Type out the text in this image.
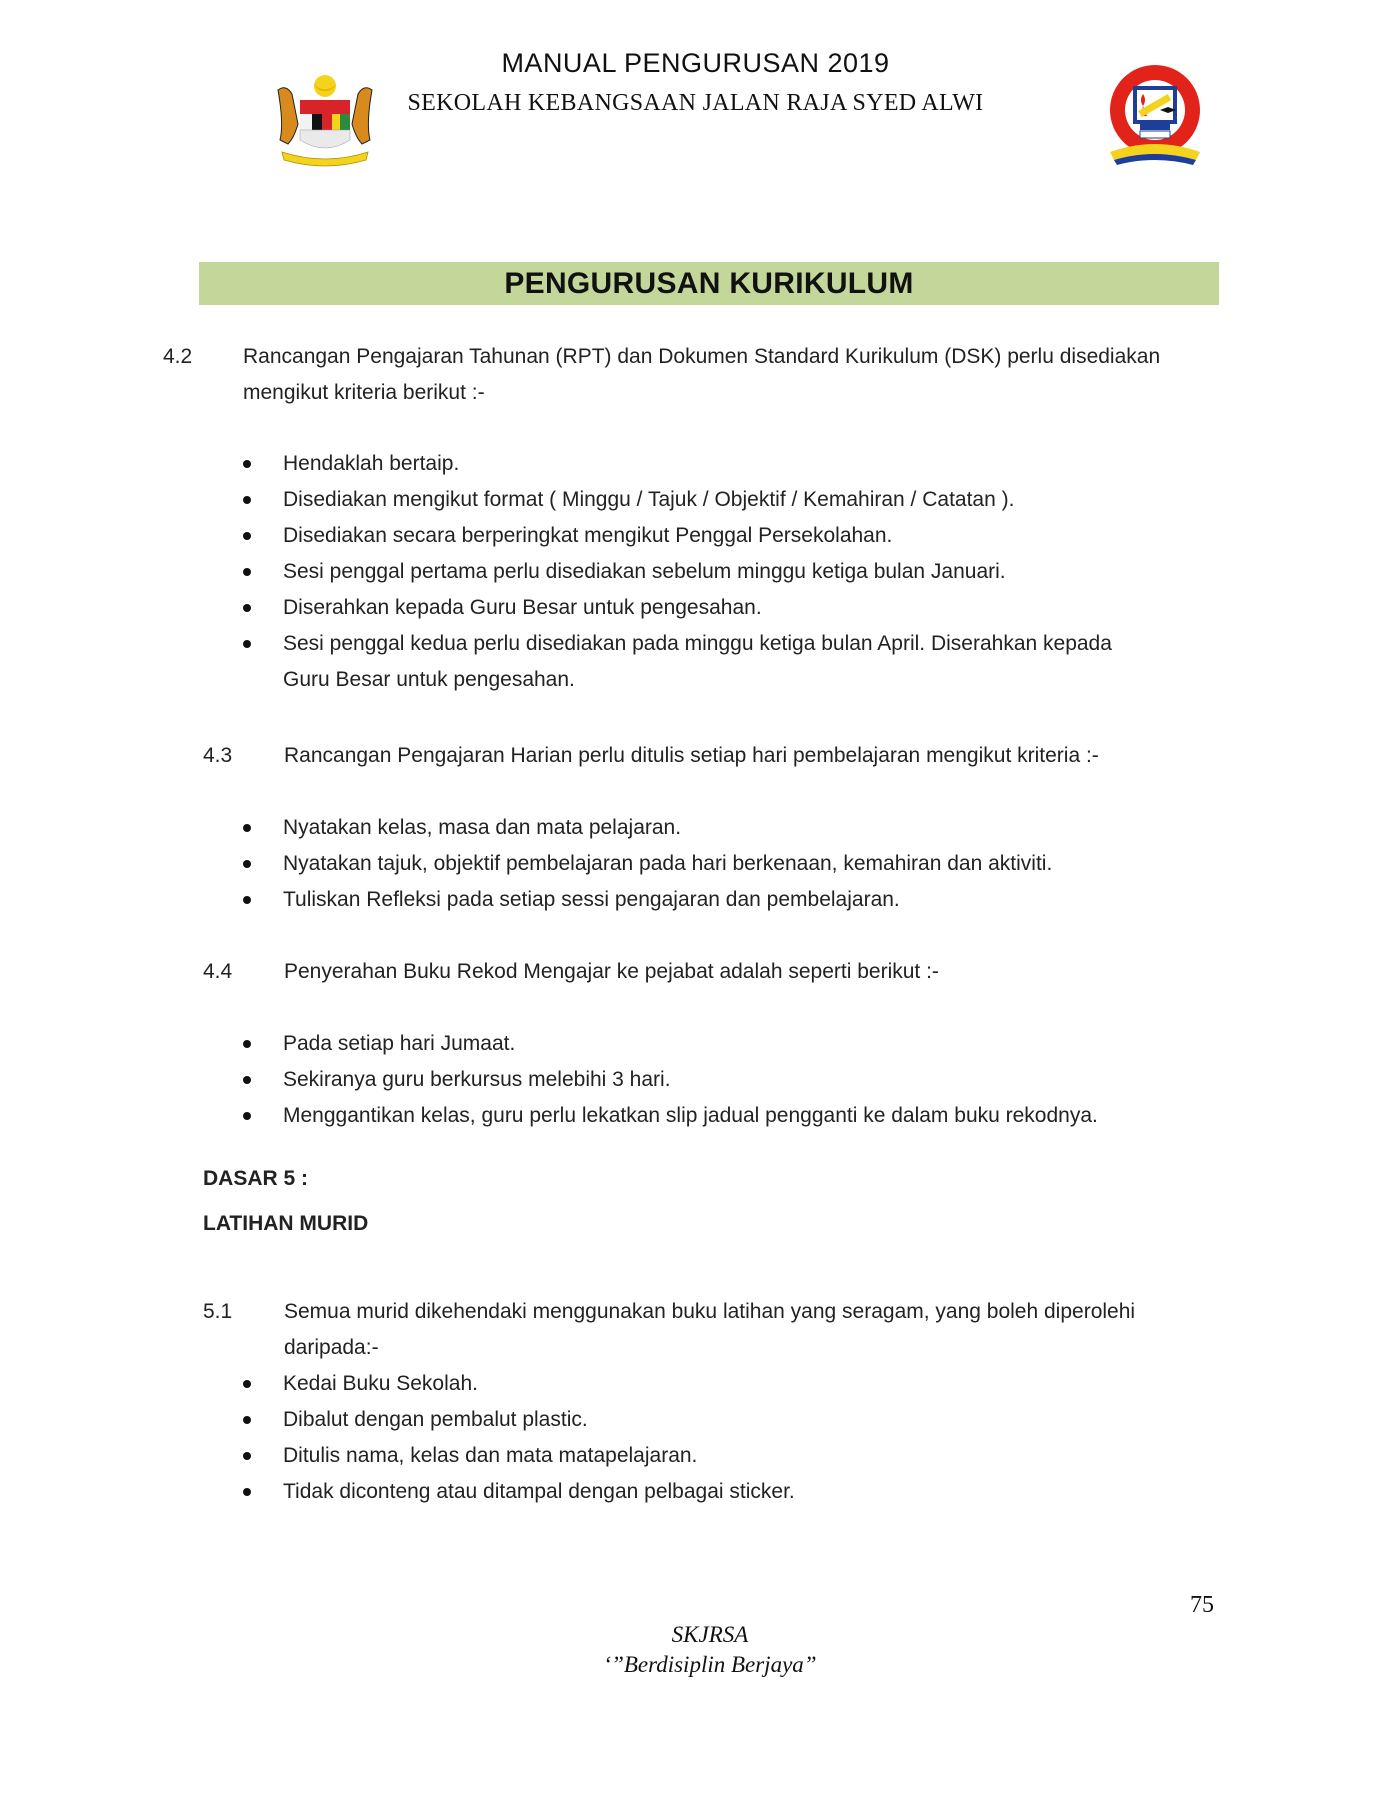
MANUAL PENGURUSAN 2019
SEKOLAH KEBANGSAAN JALAN RAJA SYED ALWI
PENGURUSAN KURIKULUM
4.2 Rancangan Pengajaran Tahunan (RPT) dan Dokumen Standard Kurikulum (DSK) perlu disediakan
mengikut kriteria berikut :-
Hendaklah bertaip.
Disediakan mengikut format ( Minggu / Tajuk / Objektif / Kemahiran / Catatan ).
Disediakan secara berperingkat mengikut Penggal Persekolahan.
Sesi penggal pertama perlu disediakan sebelum minggu ketiga bulan Januari.
Diserahkan kepada Guru Besar untuk pengesahan.
Sesi penggal kedua perlu disediakan pada minggu ketiga bulan April. Diserahkan kepada
Guru Besar untuk pengesahan.
4.3 Rancangan Pengajaran Harian perlu ditulis setiap hari pembelajaran mengikut kriteria :-
Nyatakan kelas, masa dan mata pelajaran.
Nyatakan tajuk, objektif pembelajaran pada hari berkenaan, kemahiran dan aktiviti.
Tuliskan Refleksi pada setiap sessi pengajaran dan pembelajaran.
4.4 Penyerahan Buku Rekod Mengajar ke pejabat adalah seperti berikut :-
Pada setiap hari Jumaat.
Sekiranya guru berkursus melebihi 3 hari.
Menggantikan kelas, guru perlu lekatkan slip jadual pengganti ke dalam buku rekodnya.
DASAR 5 :
LATIHAN MURID
5.1 Semua murid dikehendaki menggunakan buku latihan yang seragam, yang boleh diperolehi
daripada:-
Kedai Buku Sekolah.
Dibalut dengan pembalut plastic.
Ditulis nama, kelas dan mata matapelajaran.
Tidak diconteng atau ditampal dengan pelbagai sticker.
75
SKJRSA
‘”Berdisiplin Berjaya”
